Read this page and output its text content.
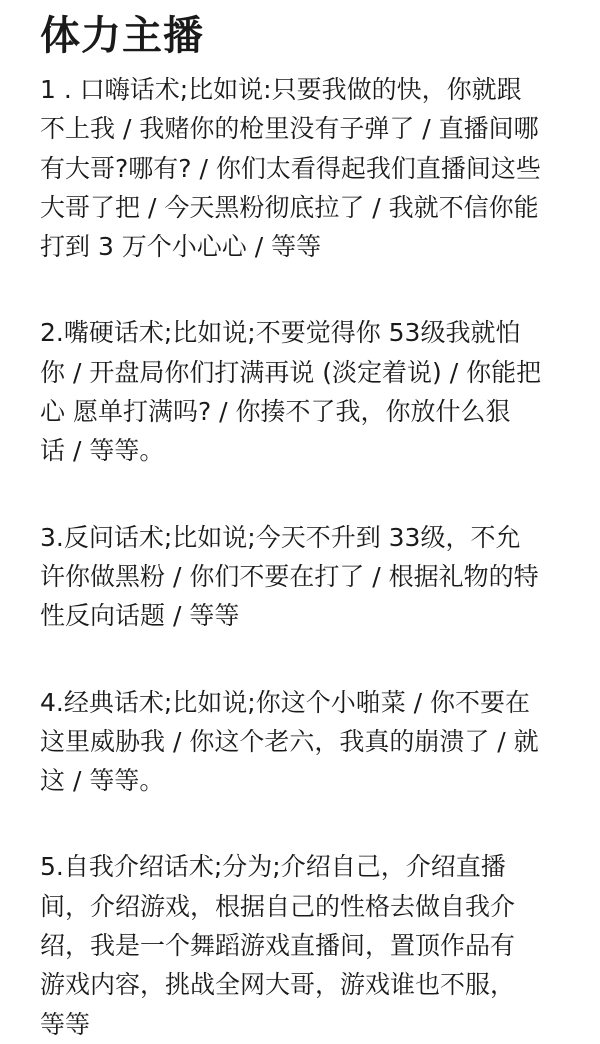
体力主播
1 . 口嗨话术;比如说:只要我做的快，你就跟
不上我 / 我赌你的枪里没有子弹了 / 直播间哪
有大哥?哪有? / 你们太看得起我们直播间这些
大哥了把 / 今天黑粉彻底拉了 / 我就不信你能
打到 3 万个小心心 / 等等
2.嘴硬话术;比如说;不要觉得你 53级我就怕
你 / 开盘局你们打满再说 (淡定着说) / 你能把
心 愿单打满吗? / 你揍不了我，你放什么狠
话 / 等等。
3.反问话术;比如说;今天不升到 33级，不允
许你做黑粉 / 你们不要在打了 / 根据礼物的特
性反向话题 / 等等
4.经典话术;比如说;你这个小啪菜 / 你不要在
这里威胁我 / 你这个老六，我真的崩溃了 / 就
这 / 等等。
5.自我介绍话术;分为;介绍自己，介绍直播
间，介绍游戏，根据自己的性格去做自我介
绍，我是一个舞蹈游戏直播间，置顶作品有
游戏内容，挑战全网大哥，游戏谁也不服，
等等
